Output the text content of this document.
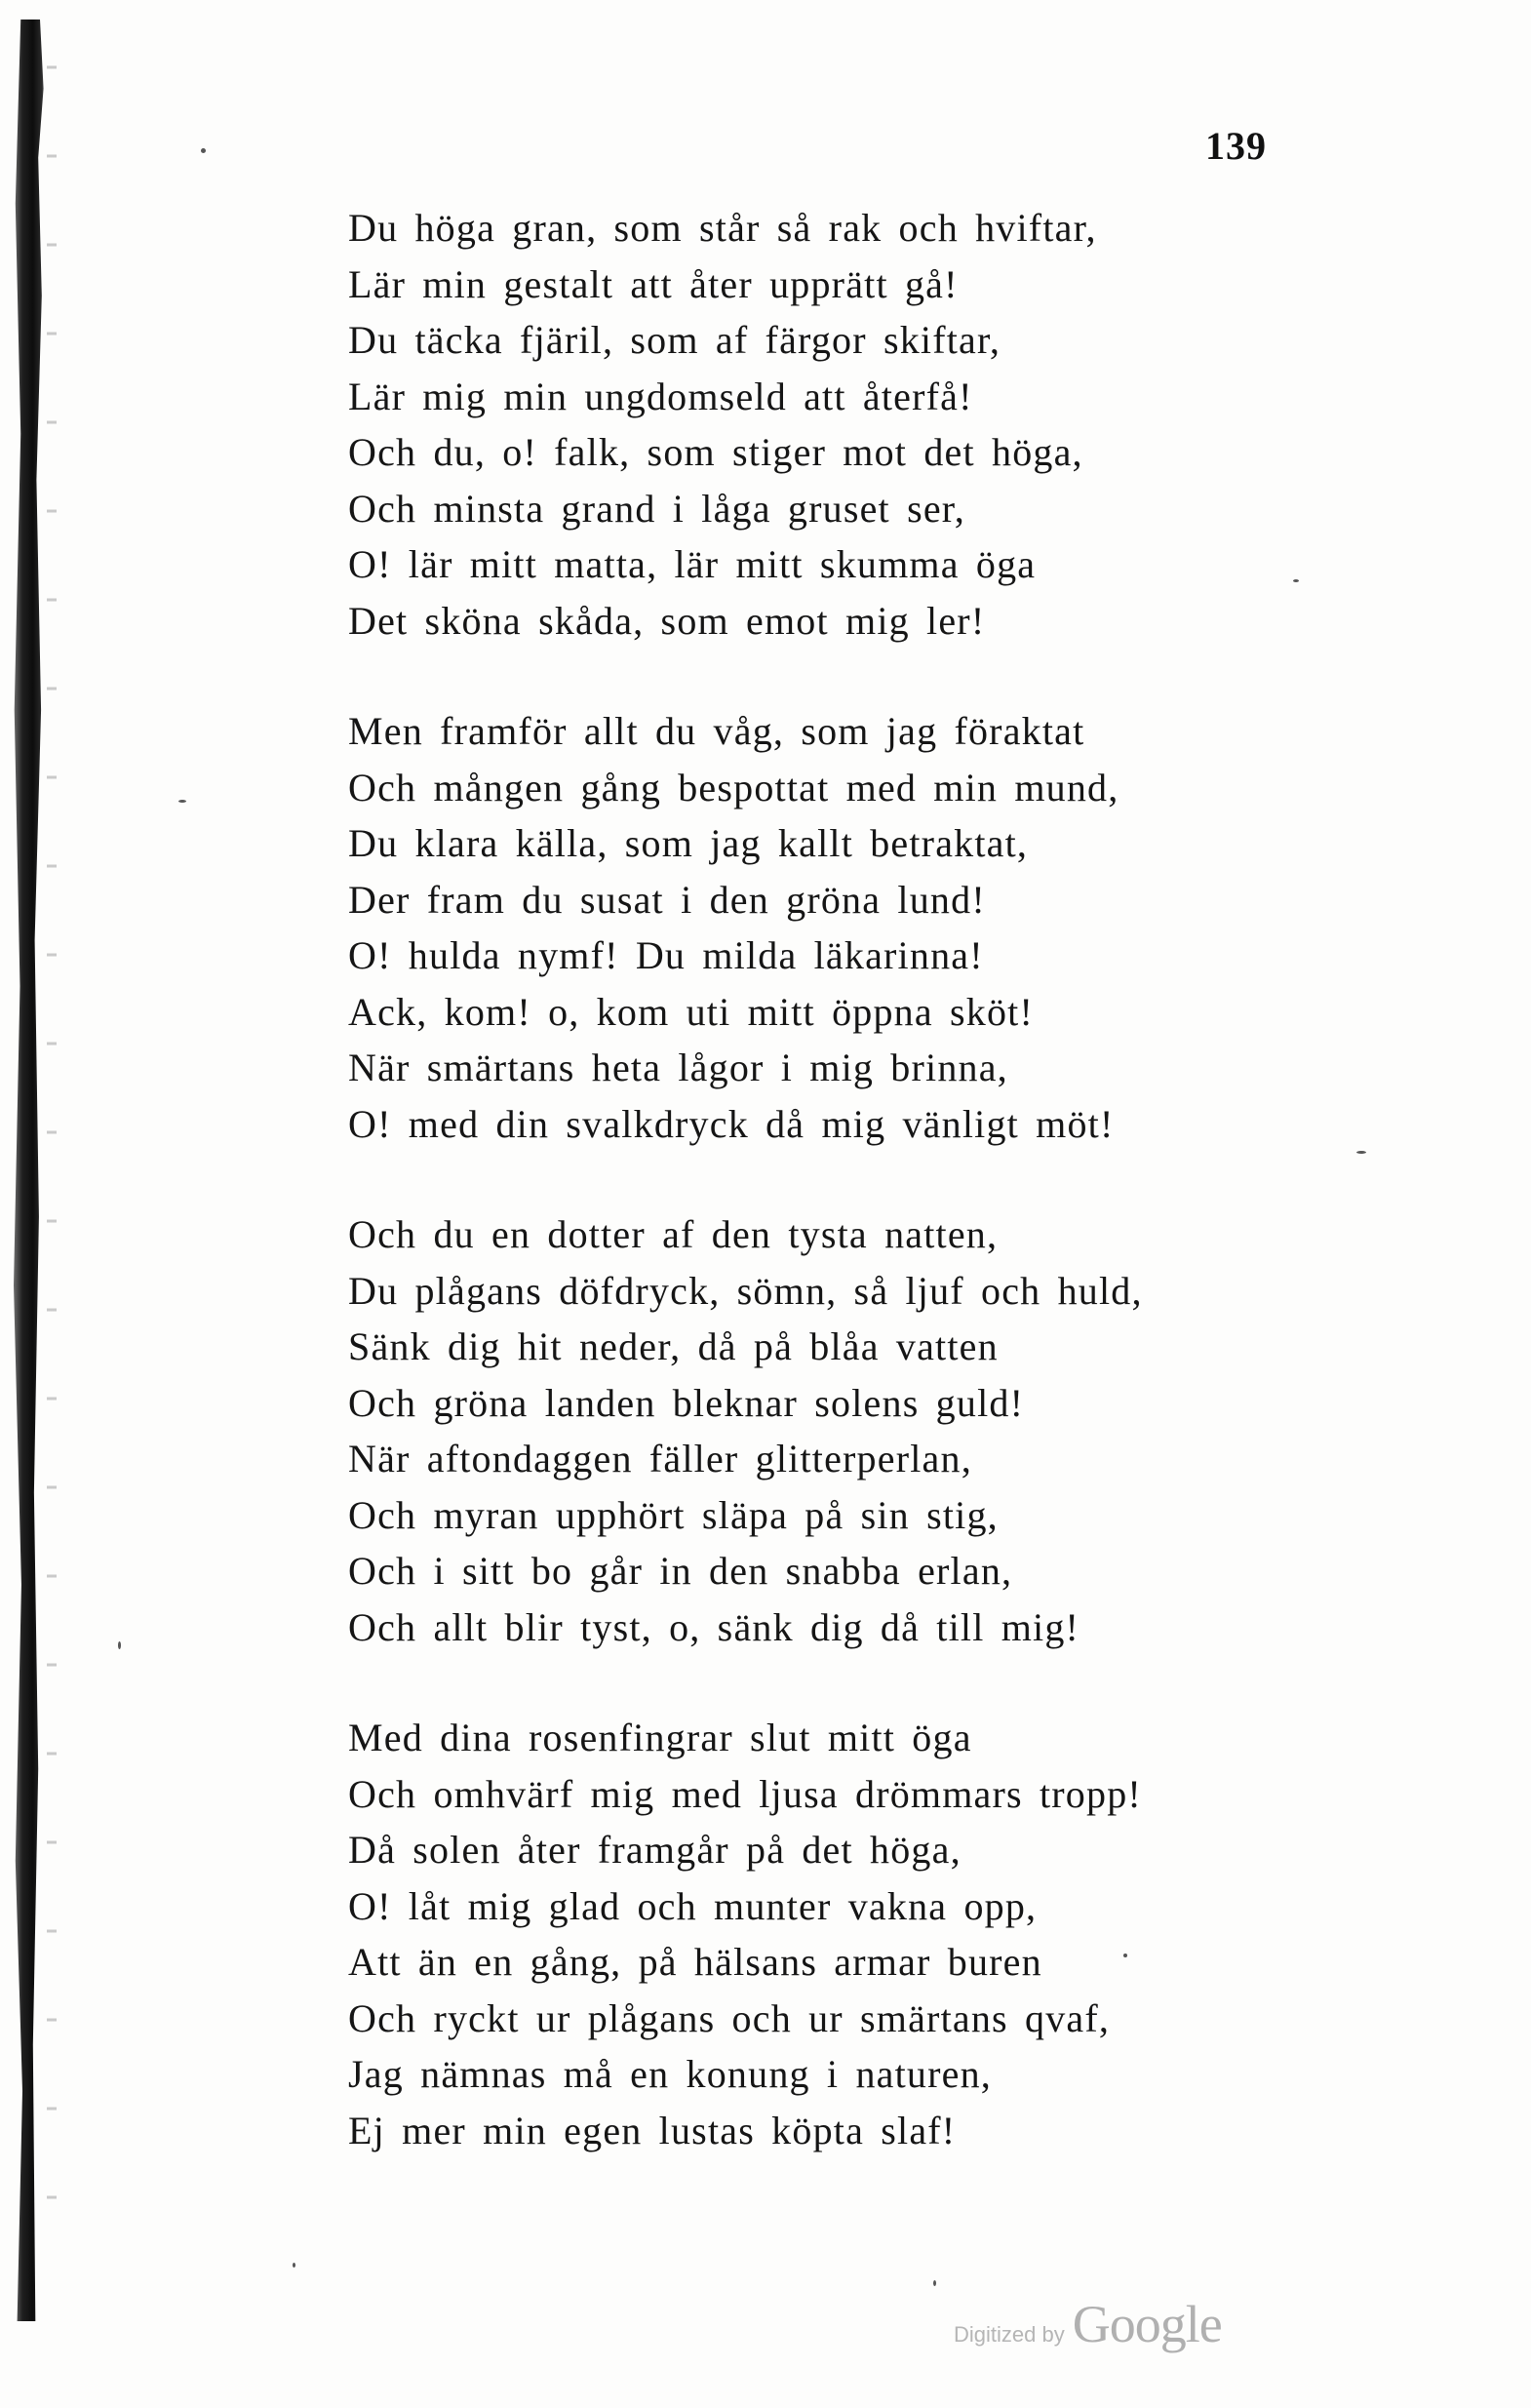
139
Du höga gran, som står så rak och hviftar,
Lär min gestalt att åter upprätt gå!
Du täcka fjäril, som af färgor skiftar,
Lär mig min ungdomseld att återfå!
Och du, o! falk, som stiger mot det höga,
Och minsta grand i låga gruset ser,
O! lär mitt matta, lär mitt skumma öga
Det sköna skåda, som emot mig ler!
Men framför allt du våg, som jag föraktat
Och mången gång bespottat med min mund,
Du klara källa, som jag kallt betraktat,
Der fram du susat i den gröna lund!
O! hulda nymf! Du milda läkarinna!
Ack, kom! o, kom uti mitt öppna sköt!
När smärtans heta lågor i mig brinna,
O! med din svalkdryck då mig vänligt möt!
Och du en dotter af den tysta natten,
Du plågans döfdryck, sömn, så ljuf och huld,
Sänk dig hit neder, då på blåa vatten
Och gröna landen bleknar solens guld!
När aftondaggen fäller glitterperlan,
Och myran upphört släpa på sin stig,
Och i sitt bo går in den snabba erlan,
Och allt blir tyst, o, sänk dig då till mig!
Med dina rosenfingrar slut mitt öga
Och omhvärf mig med ljusa drömmars tropp!
Då solen åter framgår på det höga,
O! låt mig glad och munter vakna opp,
Att än en gång, på hälsans armar buren
Och ryckt ur plågans och ur smärtans qvaf,
Jag nämnas må en konung i naturen,
Ej mer min egen lustas köpta slaf!
Digitized by Google
